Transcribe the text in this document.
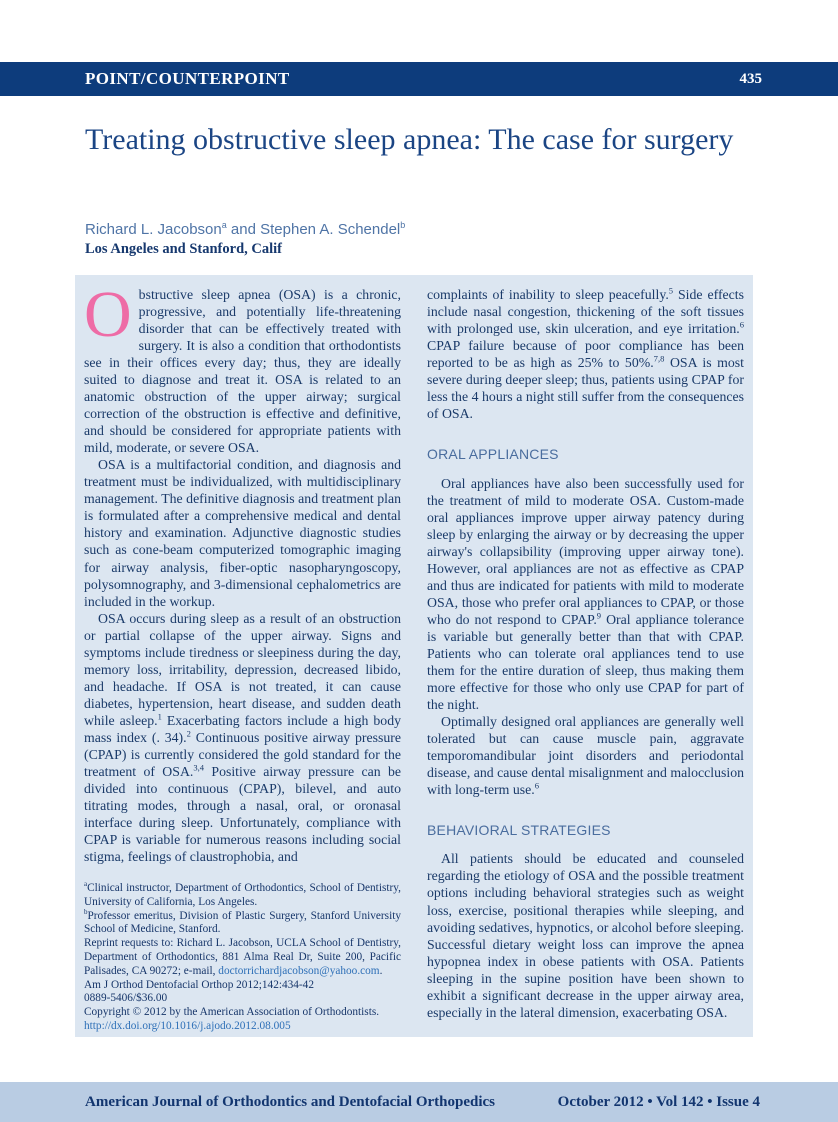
POINT/COUNTERPOINT	435
Treating obstructive sleep apnea: The case for surgery
Richard L. Jacobson$^a$ and Stephen A. Schendel$^b$
Los Angeles and Stanford, Calif

Obstructive sleep apnea (OSA) is a chronic, progressive, and potentially life-threatening disorder that can be effectively treated with surgery. It is also a condition that orthodontists see in their offices every day; thus, they are ideally suited to diagnose and treat it. OSA is related to an anatomic obstruction of the upper airway; surgical correction of the obstruction is effective and definitive, and should be considered for appropriate patients with mild, moderate, or severe OSA.

OSA is a multifactorial condition, and diagnosis and treatment must be individualized, with multidisciplinary management. The definitive diagnosis and treatment plan is formulated after a comprehensive medical and dental history and examination. Adjunctive diagnostic studies such as cone-beam computerized tomographic imaging for airway analysis, fiber-optic nasopharyngoscopy, polysomnography, and 3-dimensional cephalometrics are included in the workup.

OSA occurs during sleep as a result of an obstruction or partial collapse of the upper airway. Signs and symptoms include tiredness or sleepiness during the day, memory loss, irritability, depression, decreased libido, and headache. If OSA is not treated, it can cause diabetes, hypertension, heart disease, and sudden death while asleep.$^1$ Exacerbating factors include a high body mass index (. 34).$^2$ Continuous positive airway pressure (CPAP) is currently considered the gold standard for the treatment of OSA.$^{3,4}$ Positive airway pressure can be divided into continuous (CPAP), bilevel, and auto titrating modes, through a nasal, oral, or oronasal interface during sleep. Unfortunately, compliance with CPAP is variable for numerous reasons including social stigma, feelings of claustrophobia, and

$^a$Clinical instructor, Department of Orthodontics, School of Dentistry, University of California, Los Angeles.

$^b$Professor emeritus, Division of Plastic Surgery, Stanford University School of Medicine, Stanford.

Reprint requests to: Richard L. Jacobson, UCLA School of Dentistry, Department of Orthodontics, 881 Alma Real Dr, Suite 200, Pacific Palisades, CA 90272; e-mail, doctorrichardjacobson@yahoo.com.

Am J Orthod Dentofacial Orthop 2012;142:434-42

0889-5406/$36.00

Copyright © 2012 by the American Association of Orthodontists.

http://dx.doi.org/10.1016/j.ajodo.2012.08.005

complaints of inability to sleep peacefully.$^5$ Side effects include nasal congestion, thickening of the soft tissues with prolonged use, skin ulceration, and eye irritation.$^6$ CPAP failure because of poor compliance has been reported to be as high as 25% to 50%.$^{7,8}$ OSA is most severe during deeper sleep; thus, patients using CPAP for less the 4 hours a night still suffer from the consequences of OSA.

ORAL APPLIANCES

Oral appliances have also been successfully used for the treatment of mild to moderate OSA. Custom-made oral appliances improve upper airway patency during sleep by enlarging the airway or by decreasing the upper airway's collapsibility (improving upper airway tone). However, oral appliances are not as effective as CPAP and thus are indicated for patients with mild to moderate OSA, those who prefer oral appliances to CPAP, or those who do not respond to CPAP.$^9$ Oral appliance tolerance is variable but generally better than that with CPAP. Patients who can tolerate oral appliances tend to use them for the entire duration of sleep, thus making them more effective for those who only use CPAP for part of the night.

Optimally designed oral appliances are generally well tolerated but can cause muscle pain, aggravate temporomandibular joint disorders and periodontal disease, and cause dental misalignment and malocclusion with long-term use.$^6$

BEHAVIORAL STRATEGIES

All patients should be educated and counseled regarding the etiology of OSA and the possible treatment options including behavioral strategies such as weight loss, exercise, positional therapies while sleeping, and avoiding sedatives, hypnotics, or alcohol before sleeping. Successful dietary weight loss can improve the apnea hypopnea index in obese patients with OSA. Patients sleeping in the supine position have been shown to exhibit a significant decrease in the upper airway area, especially in the lateral dimension, exacerbating OSA.

American Journal of Orthodontics and Dentofacial Orthopedics	October 2012 • Vol 142 • Issue 4
